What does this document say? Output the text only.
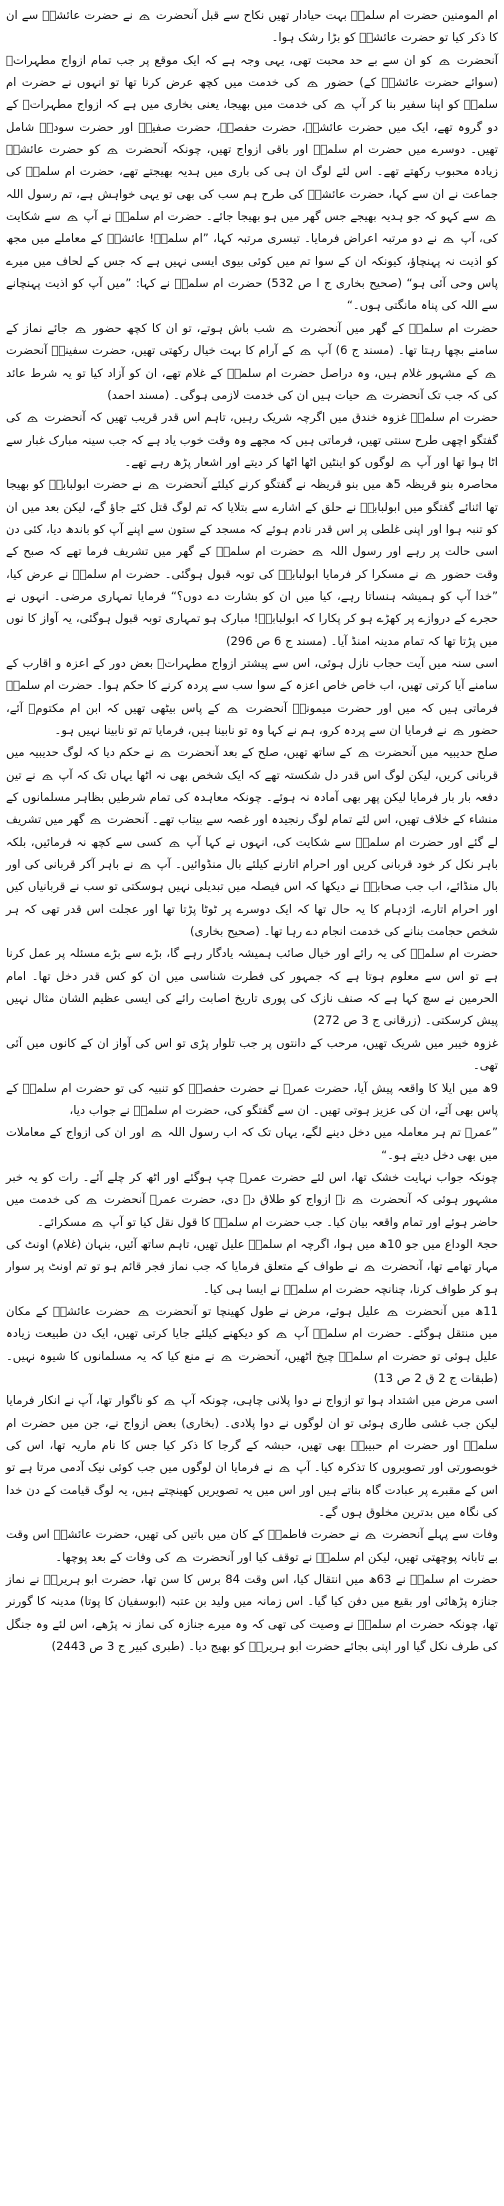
ام المومنین حضرت ام سلمہؓ بہت حیادار تھیں نکاح سے قبل آنحضرت
نے حضرت عائشہؓ سے ان کا ذکر کیا تو حضرت عائشہؓ کو بڑا رشک ہوا۔

آنحضرت
کو ان سے بے حد محبت تھی، یہی وجہ ہے کہ ایک موقع پر جب تمام ازواج مطہراتؓ (سوائے حضرت عائشہؓ کے) حضور
کی خدمت میں کچھ عرض کرنا تھا تو انہوں نے حضرت ام سلمہؓ کو اپنا سفیر بنا کر آپ
کی خدمت میں بھیجا، یعنی بخاری میں ہے کہ ازواج مطہراتؓ کے دو گروہ تھے، ایک میں حضرت عائشہؓ، حضرت حفصہؓ، حضرت صفیہؓ اور حضرت سودہؓ شامل تھیں۔ دوسرے میں حضرت ام سلمہؓ اور باقی ازواج تھیں، چونکہ آنحضرت
کو حضرت عائشہؓ زیادہ محبوب رکھتے تھے۔ اس لئے لوگ ان ہی کی باری میں ہدیہ بھیجتے تھے، حضرت ام سلمہؓ کی جماعت نے ان سے کہا، حضرت عائشہؓ کی طرح ہم سب کی بھی تو یہی خواہش ہے، تم رسول اللہ
سے کہو کہ جو ہدیہ بھیجے جس گھر میں ہو بھیجا جائے۔ حضرت ام سلمہؓ نے آپ
سے شکایت کی، آپ
نے دو مرتبہ اعراض فرمایا۔ تیسری مرتبہ کہا، ”ام سلمہؓ! عائشہؓ کے معاملے میں مجھ کو اذیت نہ پہنچاؤ، کیونکہ ان کے سوا تم میں کوئی بیوی ایسی نہیں ہے کہ جس کے لحاف میں میرے پاس وحی آئی ہو“ (صحیح بخاری ج ا ص 532) حضرت ام سلمہؓ نے کہا: ”میں آپ کو اذیت پہنچانے سے اللہ کی پناہ مانگتی ہوں۔“

حضرت ام سلمہؓ کے گھر میں آنحضرت
شب باش ہوتے، تو ان کا کچھ حضور
جائے نماز کے سامنے بچھا رہتا تھا۔ (مسند ج 6) آپ
کے آرام کا بہت خیال رکھتی تھیں، حضرت سفینہؓ آنحضرت
کے مشہور غلام ہیں، وہ دراصل حضرت ام سلمہؓ کے غلام تھے، ان کو آزاد کیا تو یہ شرط عائد کی کہ جب تک آنحضرت
حیات ہیں ان کی خدمت لازمی ہوگی۔ (مسند احمد)

حضرت ام سلمہؓ غزوہ خندق میں اگرچہ شریک رہیں، تاہم اس قدر قریب تھیں کہ آنحضرت
کی گفتگو اچھی طرح سنتی تھیں، فرماتی ہیں کہ مجھے وہ وقت خوب یاد ہے کہ جب سینہ مبارک غبار سے اٹا ہوا تھا اور آپ
لوگوں کو اینٹیں اٹھا اٹھا کر دیتے اور اشعار پڑھ رہے تھے۔

محاصرہ بنو قریظہ 5ھ میں بنو قریظہ نے گفتگو کرنے کیلئے آنحضرت
نے حضرت ابولبابہؓ کو بھیجا تھا اثنائے گفتگو میں ابولبابہؓ نے حلق کے اشارے سے بتلایا کہ تم لوگ قتل کئے جاؤ گے، لیکن بعد میں ان کو تنبہ ہوا اور اپنی غلطی پر اس قدر نادم ہوئے کہ مسجد کے ستون سے اپنے آپ کو باندھ دیا، کئی دن اسی حالت پر رہے اور رسول اللہ
حضرت ام سلمہؓ کے گھر میں تشریف فرما تھے کہ صبح کے وقت حضور
نے مسکرا کر فرمایا ابولبابہؓ کی توبہ قبول ہوگئی۔ حضرت ام سلمہؓ نے عرض کیا، ”خدا آپ کو ہمیشہ ہنساتا رہے، کیا میں ان کو بشارت دے دوں؟“ فرمایا تمہاری مرضی۔ انہوں نے حجرے کے دروازے پر کھڑے ہو کر پکارا کہ ابولبابہؓ! مبارک ہو تمہاری توبہ قبول ہوگئی، یہ آواز کا نوں میں پڑتا تھا کہ تمام مدینہ امنڈ آیا۔ (مسند ج 6 ص 296)

اسی سنہ میں آیت حجاب نازل ہوئی، اس سے پیشتر ازواج مطہراتؓ بعض دور کے اعزہ و اقارب کے سامنے آیا کرتی تھیں، اب خاص خاص اعزہ کے سوا سب سے پردہ کرنے کا حکم ہوا۔ حضرت ام سلمہؓ فرماتی ہیں کہ میں اور حضرت میمونہؓ آنحضرت
کے پاس بیٹھی تھیں کہ ابن ام مکتومؓ آئے، حضور
نے فرمایا ان سے پردہ کرو، ہم نے کہا وہ تو نابینا ہیں، فرمایا تم تو نابینا نہیں ہو۔

صلح حدیبیہ میں آنحضرت
کے ساتھ تھیں، صلح کے بعد آنحضرت
نے حکم دیا کہ لوگ حدیبیہ میں قربانی کریں، لیکن لوگ اس قدر دل شکستہ تھے کہ ایک شخص بھی نہ اٹھا یہاں تک کہ آپ
نے تین دفعہ بار بار فرمایا لیکن پھر بھی آمادہ نہ ہوئے۔ چونکہ معاہدہ کی تمام شرطیں بظاہر مسلمانوں کے منشاء کے خلاف تھیں، اس لئے تمام لوگ رنجیدہ اور غصہ سے بیتاب تھے۔ آنحضرت
گھر میں تشریف لے گئے اور حضرت ام سلمہؓ سے شکایت کی، انہوں نے کہا آپ
کسی سے کچھ نہ فرمائیں، بلکہ باہر نکل کر خود قربانی کریں اور احرام اتارنے کیلئے بال منڈوائیں۔ آپ
نے باہر آکر قربانی کی اور بال منڈائے، اب جب صحابہؓ نے دیکھا کہ اس فیصلہ میں تبدیلی نہیں ہوسکتی تو سب نے قربانیاں کیں اور احرام اتارے، اژدہام کا یہ حال تھا کہ ایک دوسرے پر ٹوٹا پڑتا تھا اور عجلت اس قدر تھی کہ ہر شخص حجامت بنانے کی خدمت انجام دے رہا تھا۔ (صحیح بخاری)

حضرت ام سلمہؓ کی یہ رائے اور خیال صائب ہمیشہ یادگار رہے گا، بڑے سے بڑے مسئلہ پر عمل کرنا ہے تو اس سے معلوم ہوتا ہے کہ جمہور کی فطرت شناسی میں ان کو کس قدر دخل تھا۔ امام الحرمین نے سچ کہا ہے کہ صنف نازک کی پوری تاریخ اصابت رائے کی ایسی عظیم الشان مثال نہیں پیش کرسکتی۔ (زرقانی ج 3 ص 272)

غزوہ خیبر میں شریک تھیں، مرحب کے دانتوں پر جب تلوار پڑی تو اس کی آواز ان کے کانوں میں آئی تھی۔

9ھ میں ایلا کا واقعہ پیش آیا، حضرت عمرؓ نے حضرت حفصہؓ کو تنبیہ کی تو حضرت ام سلمہؓ کے پاس بھی آئے، ان کی عزیز ہوتی تھیں۔ ان سے گفتگو کی، حضرت ام سلمہؓ نے جواب دیا،

”عمرؓ تم ہر معاملہ میں دخل دینے لگے، یہاں تک کہ اب رسول اللہ
اور ان کی ازواج کے معاملات میں بھی دخل دیتے ہو۔“

چونکہ جواب نہایت خشک تھا، اس لئے حضرت عمرؓ چپ ہوگئے اور اٹھ کر چلے آئے۔ رات کو یہ خبر مشہور ہوئی کہ آنحضرت
نے ازواج کو طلاق دے دی، حضرت عمرؓ آنحضرت
کی خدمت میں حاضر ہوئے اور تمام واقعہ بیان کیا۔ جب حضرت ام سلمہؓ کا قول نقل کیا تو آپ
مسکرائے۔

حجۃ الوداع میں جو 10ھ میں ہوا، اگرچہ ام سلمہؓ علیل تھیں، تاہم ساتھ آئیں، بنہان (غلام) اونٹ کی مہار تھامے تھا، آنحضرت
نے طواف کے متعلق فرمایا کہ جب نماز فجر قائم ہو تو تم اونٹ پر سوار ہو کر طواف کرنا، چنانچہ حضرت ام سلمہؓ نے ایسا ہی کیا۔

11ھ میں آنحضرت
علیل ہوئے، مرض نے طول کھینچا تو آنحضرت
حضرت عائشہؓ کے مکان میں منتقل ہوگئے۔ حضرت ام سلمہؓ آپ
کو دیکھنے کیلئے جایا کرتی تھیں، ایک دن طبیعت زیادہ علیل ہوئی تو حضرت ام سلمہؓ چیخ اٹھیں، آنحضرت
نے منع کیا کہ یہ مسلمانوں کا شیوہ نہیں۔ (طبقات ج 2 ق 2 ص 13)

اسی مرض میں اشتداد ہوا تو ازواج نے دوا پلانی چاہی، چونکہ آپ
کو ناگوار تھا، آپ نے انکار فرمایا لیکن جب غشی طاری ہوئی تو ان لوگوں نے دوا پلادی۔ (بخاری) بعض ازواج نے، جن میں حضرت ام سلمہؓ اور حضرت ام حبیبہؓ بھی تھیں، حبشہ کے گرجا کا ذکر کیا جس کا نام ماریہ تھا، اس کی خوبصورتی اور تصویروں کا تذکرہ کیا۔ آپ
نے فرمایا ان لوگوں میں جب کوئی نیک آدمی مرتا ہے تو اس کے مقبرے پر عبادت گاہ بناتے ہیں اور اس میں یہ تصویریں کھینچتے ہیں، یہ لوگ قیامت کے دن خدا کی نگاہ میں بدترین مخلوق ہوں گے۔

وفات سے پہلے آنحضرت
نے حضرت فاطمہؓ کے کان میں باتیں کی تھیں، حضرت عائشہؓ اس وقت بے تابانہ پوچھتی تھیں، لیکن ام سلمہؓ نے توقف کیا اور آنحضرت
کی وفات کے بعد پوچھا۔

حضرت ام سلمہؓ نے 63ھ میں انتقال کیا، اس وقت 84 برس کا سن تھا، حضرت ابو ہریرہؓ نے نماز جنازہ پڑھائی اور بقیع میں دفن کیا گیا۔ اس زمانہ میں ولید بن عتبہ (ابوسفیان کا پوتا) مدینہ کا گورنر تھا، چونکہ حضرت ام سلمہؓ نے وصیت کی تھی کہ وہ میرے جنازہ کی نماز نہ پڑھے، اس لئے وہ جنگل کی طرف نکل گیا اور اپنی بجائے حضرت ابو ہریرہؓ کو بھیج دیا۔ (طبری کبیر ج 3 ص 2443)
